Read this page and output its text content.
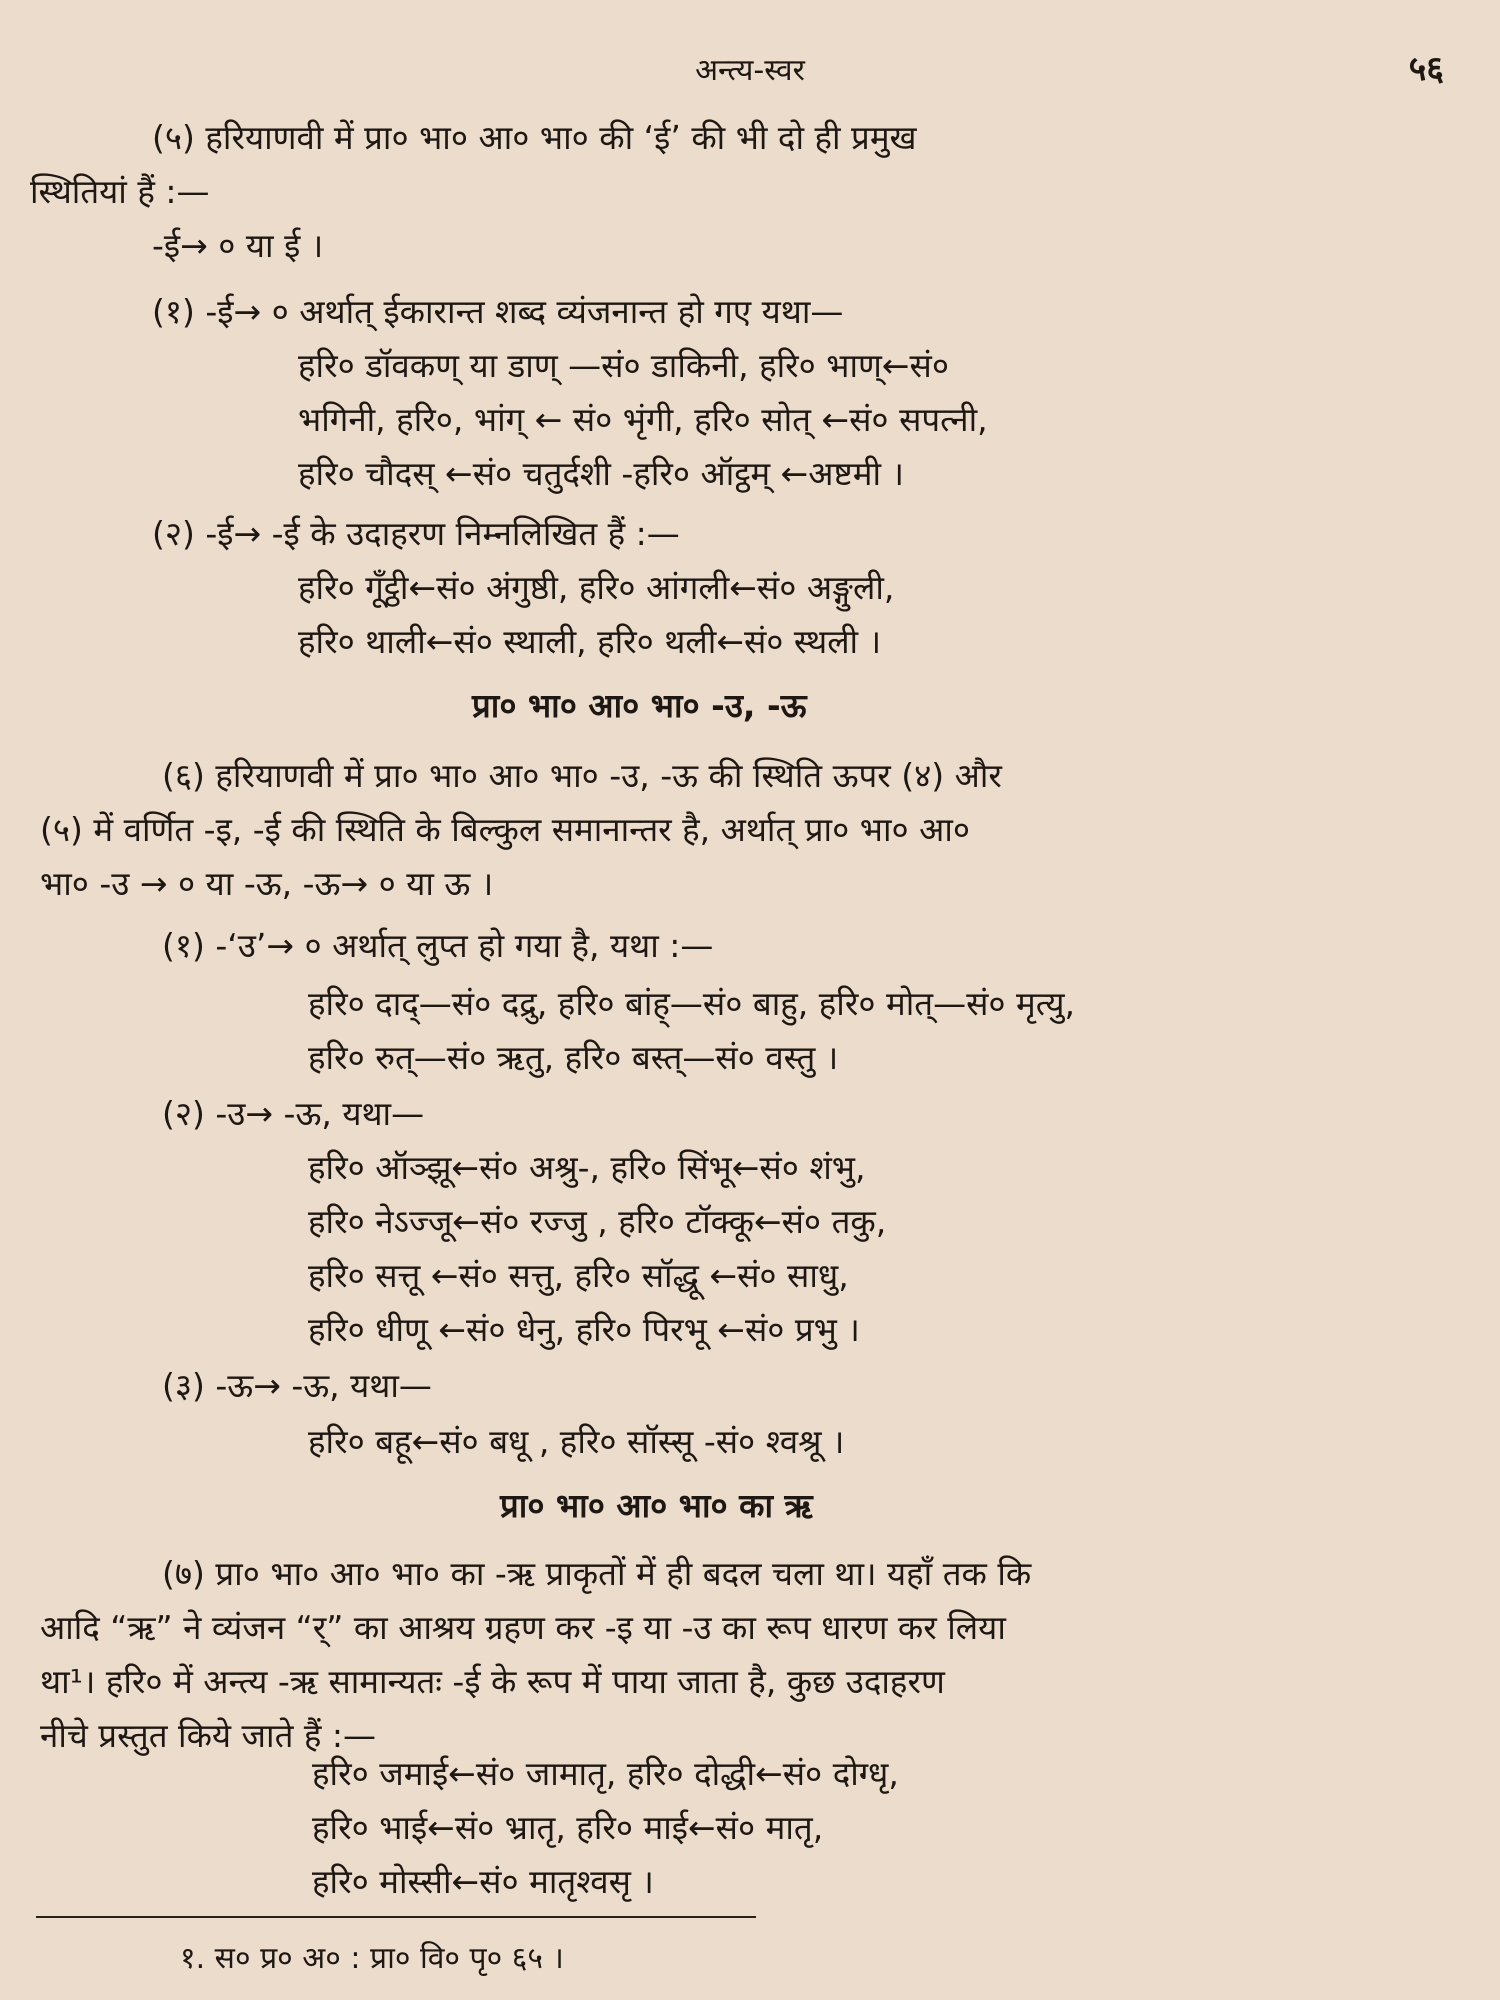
अन्त्य-स्वर	५६
(५) हरियाणवी में प्रा० भा० आ० भा० की ‘ई’ की भी दो ही प्रमुख
स्थितियां हैं :—
-ई→ ० या ई ।
(१) -ई→ ० अर्थात् ईकारान्त शब्द व्यंजनान्त हो गए यथा—
हरि० डॉवकण् या डाण् —सं० डाकिनी, हरि० भाण्←सं०
भगिनी, हरि०, भांग् ← सं० भृंगी, हरि० सोत् ←सं० सपत्नी,
हरि० चौदस् ←सं० चतुर्दशी -हरि० ऑट्ठम् ←अष्टमी ।
(२) -ई→ -ई के उदाहरण निम्नलिखित हैं :—
हरि० गूँट्ठी←सं० अंगुष्ठी, हरि० आंगली←सं० अङ्गुली,
हरि० थाली←सं० स्थाली, हरि० थली←सं० स्थली ।
प्रा० भा० आ० भा० -उ, -ऊ
(६) हरियाणवी में प्रा० भा० आ० भा० -उ, -ऊ की स्थिति ऊपर (४) और
(५) में वर्णित -इ, -ई की स्थिति के बिल्कुल समानान्तर है, अर्थात् प्रा० भा० आ०
भा० -उ → ० या -ऊ, -ऊ→ ० या ऊ ।
(१) -‘उ’→ ० अर्थात् लुप्त हो गया है, यथा :—
हरि० दाद्—सं० दद्रु, हरि० बांह्—सं० बाहु, हरि० मोत्—सं० मृत्यु,
हरि० रुत्—सं० ऋतु, हरि० बस्त्—सं० वस्तु ।
(२) -उ→ -ऊ, यथा—
हरि० ऑञ्झू←सं० अश्रु-, हरि० सिंभू←सं० शंभु,
हरि० नेऽज्जू←सं० रज्जु , हरि० टॉक्कू←सं० तकु,
हरि० सत्तू ←सं० सत्तु, हरि० सॉद्धू ←सं० साधु,
हरि० धीणू ←सं० धेनु, हरि० पिरभू ←सं० प्रभु ।
(३) -ऊ→ -ऊ, यथा—
हरि० बहू←सं० बधू , हरि० सॉस्सू -सं० श्वश्रू ।
प्रा० भा० आ० भा० का ऋ
(७) प्रा० भा० आ० भा० का -ऋ प्राकृतों में ही बदल चला था। यहाँ तक कि
आदि “ऋ” ने व्यंजन “र्” का आश्रय ग्रहण कर -इ या -उ का रूप धारण कर लिया
था¹। हरि० में अन्त्य -ऋ सामान्यतः -ई के रूप में पाया जाता है, कुछ उदाहरण
नीचे प्रस्तुत किये जाते हैं :—
हरि० जमाई←सं० जामातृ, हरि० दोद्धी←सं० दोग्धृ,
हरि० भाई←सं० भ्रातृ, हरि० माई←सं० मातृ,
हरि० मोस्सी←सं० मातृश्वसृ ।
१. स० प्र० अ० : प्रा० वि० पृ० ६५ ।
